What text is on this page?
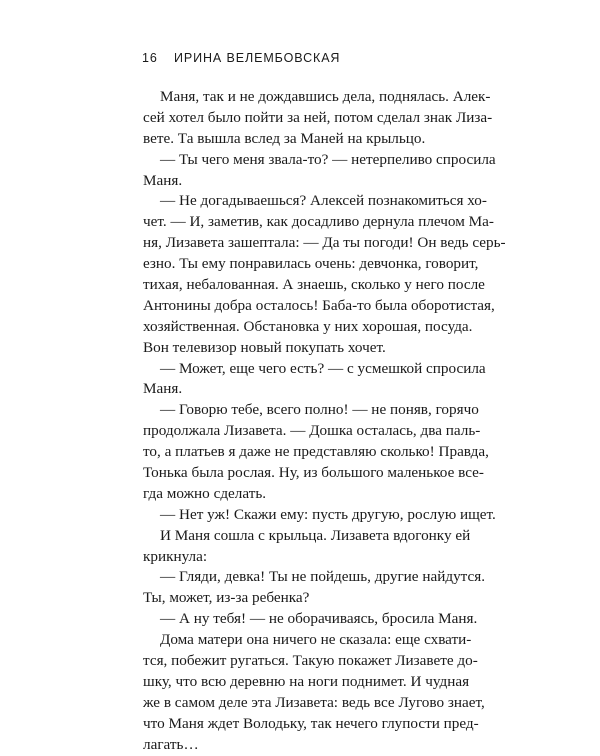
16 ИРИНА ВЕЛЕМБОВСКАЯ
Маня, так и не дождавшись дела, поднялась. Алек-
сей хотел было пойти за ней, потом сделал знак Лиза-
вете. Та вышла вслед за Маней на крыльцо.
— Ты чего меня звала-то? — нетерпеливо спросила
Маня.
— Не догадываешься? Алексей познакомиться хо-
чет. — И, заметив, как досадливо дернула плечом Ма-
ня, Лизавета зашептала: — Да ты погоди! Он ведь серь-
езно. Ты ему понравилась очень: девчонка, говорит,
тихая, небалованная. А знаешь, сколько у него после
Антонины добра осталось! Баба-то была оборотистая,
хозяйственная. Обстановка у них хорошая, посуда.
Вон телевизор новый покупать хочет.
— Может, еще чего есть? — с усмешкой спросила
Маня.
— Говорю тебе, всего полно! — не поняв, горячо
продолжала Лизавета. — Дошка осталась, два паль-
то, а платьев я даже не представляю сколько! Правда,
Тонька была рослая. Ну, из большого маленькое все-
гда можно сделать.
— Нет уж! Скажи ему: пусть другую, рослую ищет.
И Маня сошла с крыльца. Лизавета вдогонку ей
крикнула:
— Гляди, девка! Ты не пойдешь, другие найдутся.
Ты, может, из-за ребенка?
— А ну тебя! — не оборачиваясь, бросила Маня.
Дома матери она ничего не сказала: еще схвати-
тся, побежит ругаться. Такую покажет Лизавете до-
шку, что всю деревню на ноги поднимет. И чудная
же в самом деле эта Лизавета: ведь все Лугово знает,
что Маня ждет Володьку, так нечего глупости пред-
лагать…
